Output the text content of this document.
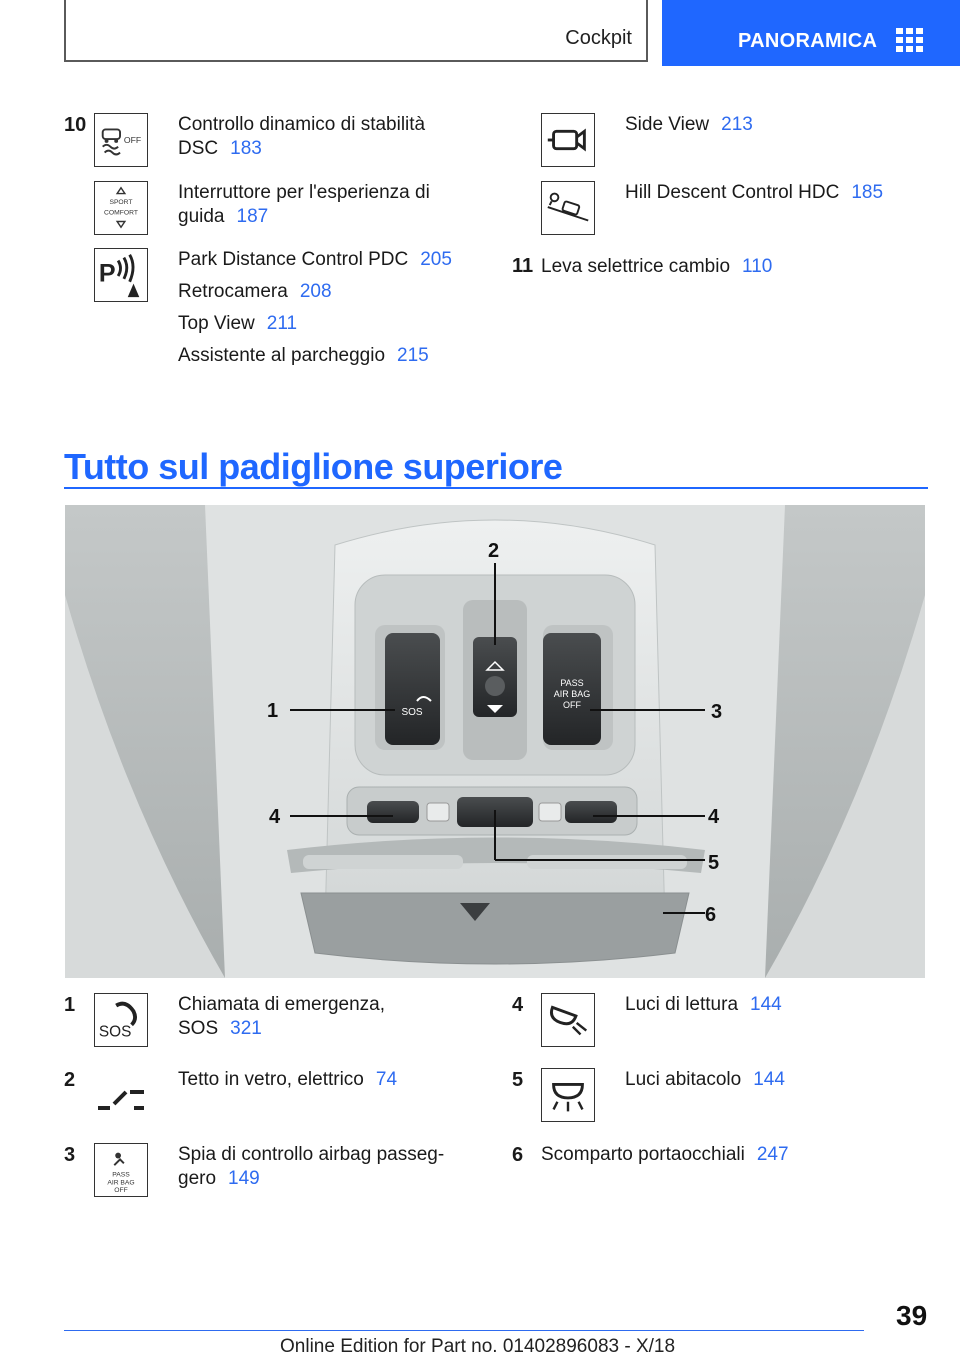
Cockpit	PANORAMICA
10
OFF
Controllo dinamico di stabilità
DSC 183
SPORT
COMFORT
Interruttore per l'esperienza di
guida 187
P
Park Distance Control PDC 205
Retrocamera 208
Top View 211
Assistente al parcheggio 215
Side View 213
Hill Descent Control HDC 185
11 Leva selettrice cambio 110
Tutto sul padiglione superiore
SOS
PASS
AIR BAG
OFF
1
2
3
4	4
5
6
1
SOS
Chiamata di emergenza,
SOS 321
2	Tetto in vetro, elettrico 74
3
PASS
AIR BAG
OFF
Spia di controllo airbag passeg-
gero 149
4	Luci di lettura 144
5	Luci abitacolo 144
6 Scomparto portaocchiali 247
39
Online Edition for Part no. 01402896083 - X/18
